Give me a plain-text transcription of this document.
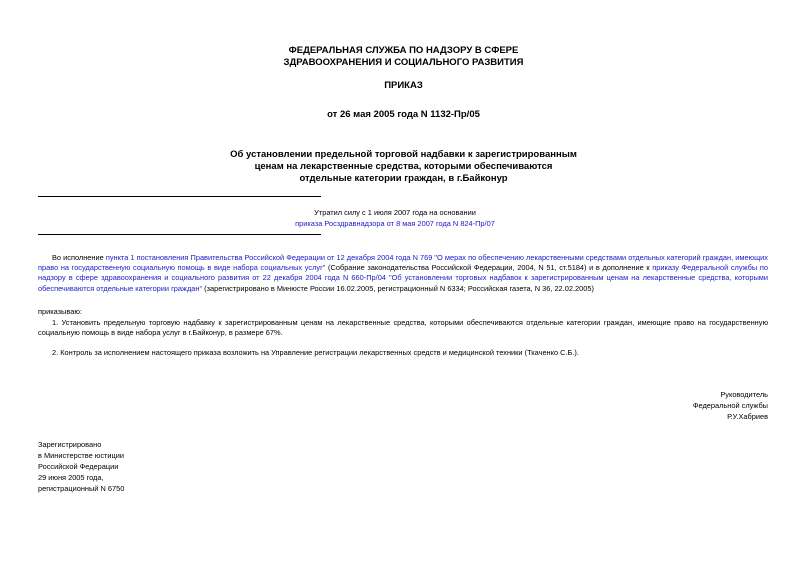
ФЕДЕРАЛЬНАЯ СЛУЖБА ПО НАДЗОРУ В СФЕРЕ
ЗДРАВООХРАНЕНИЯ И СОЦИАЛЬНОГО РАЗВИТИЯ
ПРИКАЗ
от 26 мая 2005 года N 1132-Пр/05
Об установлении предельной торговой надбавки к зарегистрированным
ценам на лекарственные средства, которыми обеспечиваются
отдельные категории граждан, в г.Байконур
Утратил силу с 1 июля 2007 года на основании
приказа Росздравнадзора от 8 мая 2007 года N 824-Пр/07
Во исполнение пункта 1 постановления Правительства Российской Федерации от 12 декабря 2004 года N 769 "О мерах по обеспечению лекарственными средствами отдельных категорий граждан, имеющих право на государственную социальную помощь в виде набора социальных услуг" (Собрание законодательства Российской Федерации, 2004, N 51, ст.5184) и в дополнение к приказу Федеральной службы по надзору в сфере здравоохранения и социального развития от 22 декабря 2004 года N 660-Пр/04 "Об установлении торговых надбавок к зарегистрированным ценам на лекарственные средства, которыми обеспечиваются отдельные категории граждан" (зарегистрировано в Минюсте России 16.02.2005, регистрационный N 6334; Российская газета, N 36, 22.02.2005)
приказываю:
1. Установить предельную торговую надбавку к зарегистрированным ценам на лекарственные средства, которыми обеспечиваются отдельные категории граждан, имеющие право на государственную социальную помощь в виде набора услуг в г.Байконур, в размере 67%.
2. Контроль за исполнением настоящего приказа возложить на Управление регистрации лекарственных средств и медицинской техники (Ткаченко С.Б.).
Руководитель
Федеральной службы
Р.У.Хабриев
Зарегистрировано
в Министерстве юстиции
Российской Федерации
29 июня 2005 года,
регистрационный N 6750
